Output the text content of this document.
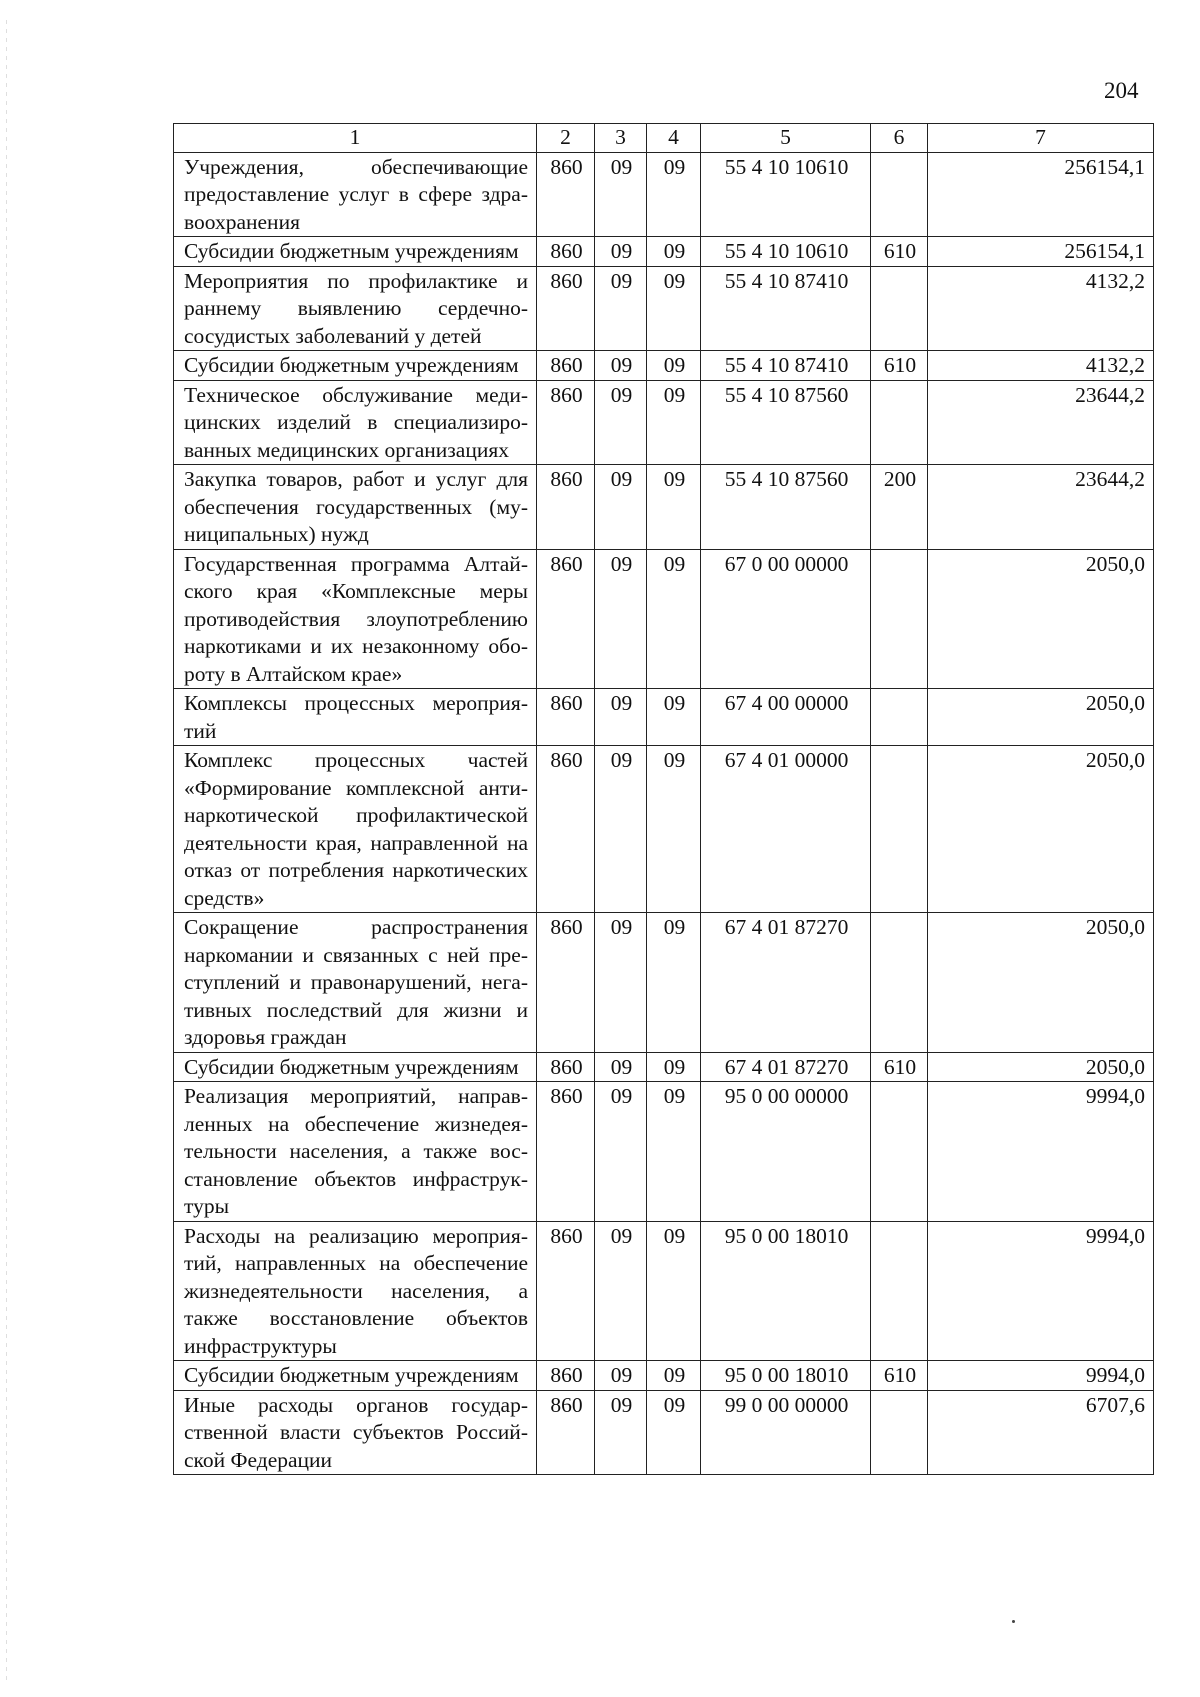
204
1	2	3	4	5	6	7
Учреждения, обеспечивающие предоставление услуг в сфере здравоохранения	860	09	09	55 4 10 10610		256154,1
Субсидии бюджетным учреждениям	860	09	09	55 4 10 10610	610	256154,1
Мероприятия по профилактике и раннему выявлению сердечно-сосудистых заболеваний у детей	860	09	09	55 4 10 87410		4132,2
Субсидии бюджетным учреждениям	860	09	09	55 4 10 87410	610	4132,2
Техническое обслуживание медицинских изделий в специализированных медицинских организациях	860	09	09	55 4 10 87560		23644,2
Закупка товаров, работ и услуг для обеспечения государственных (муниципальных) нужд	860	09	09	55 4 10 87560	200	23644,2
Государственная программа Алтайского края «Комплексные меры противодействия злоупотреблению наркотиками и их незаконному обороту в Алтайском крае»	860	09	09	67 0 00 00000		2050,0
Комплексы процессных мероприятий	860	09	09	67 4 00 00000		2050,0
Комплекс процессных частей «Формирование комплексной антинаркотической профилактической деятельности края, направленной на отказ от потребления наркотических средств»	860	09	09	67 4 01 00000		2050,0
Сокращение распространения наркомании и связанных с ней преступлений и правонарушений, негативных последствий для жизни и здоровья граждан	860	09	09	67 4 01 87270		2050,0
Субсидии бюджетным учреждениям	860	09	09	67 4 01 87270	610	2050,0
Реализация мероприятий, направленных на обеспечение жизнедеятельности населения, а также восстановление объектов инфраструктуры	860	09	09	95 0 00 00000		9994,0
Расходы на реализацию мероприятий, направленных на обеспечение жизнедеятельности населения, а также восстановление объектов инфраструктуры	860	09	09	95 0 00 18010		9994,0
Субсидии бюджетным учреждениям	860	09	09	95 0 00 18010	610	9994,0
Иные расходы органов государственной власти субъектов Российской Федерации	860	09	09	99 0 00 00000		6707,6
